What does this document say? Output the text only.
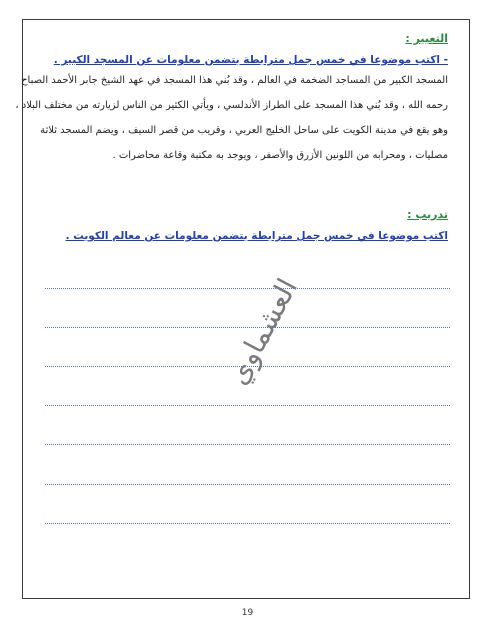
التعبير :
- اكتب موضوعا في خمس جمل مترابطة بتضمن معلومات عن المسجد الكبير .
المسجد الكبير من المساجد الضخمة في العالم ، وقد بُني هذا المسجد في عهد الشيخ جابر الأحمد الصباح
رحمه الله ، وقد بُني هذا المسجد على الطراز الأندلسي ، ويأتي الكثير من الناس لزيارته من مختلف البلاد ،
وهو يقع في مدينة الكويت على ساحل الخليج العربي ، وقريب من قصر السيف ، ويضم المسجد ثلاثة
مصليات ، ومحرابه من اللونين الأزرق والأصفر ، ويوجد به مكتبة وقاعة محاضرات .
تدريب :
اكتب موضوعا في خمس جمل مترابطة بتضمن معلومات عن معالم الكويت .
العشماوي
19
